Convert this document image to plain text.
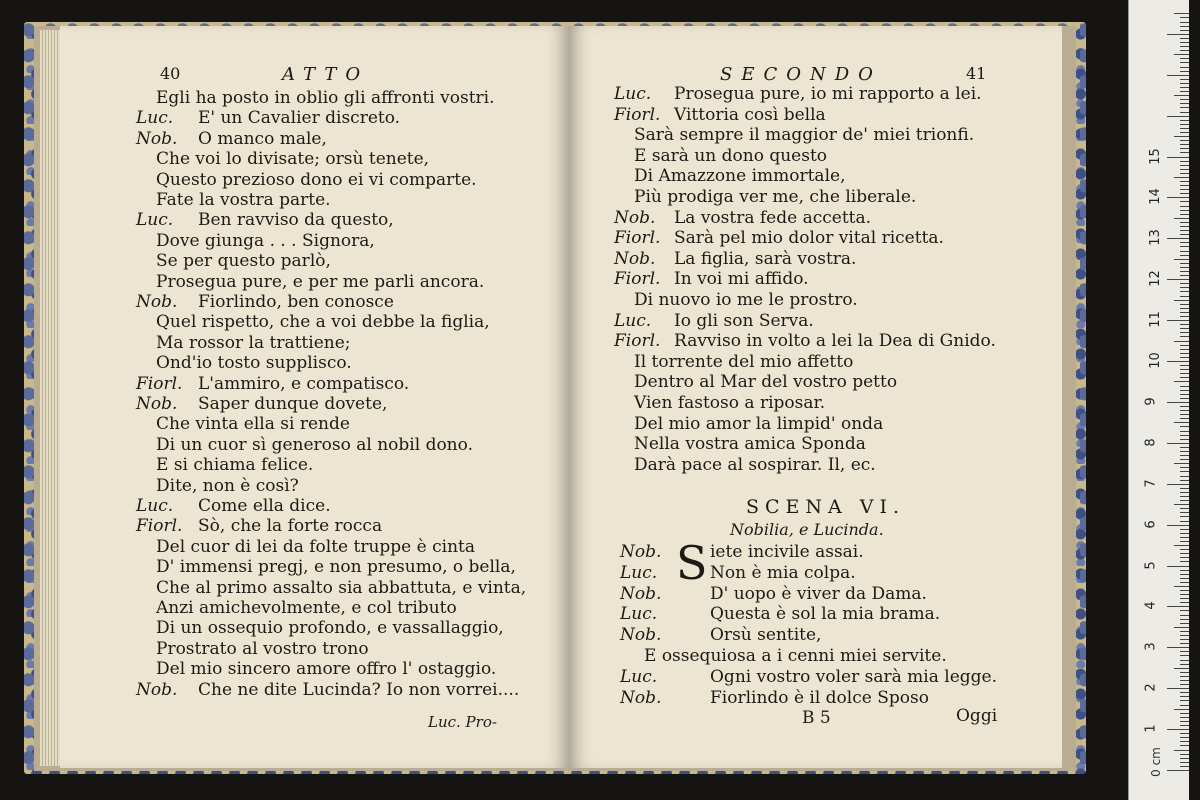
40	ATTO
Egli ha posto in oblio gli affronti vostri.
Luc. E' un Cavalier discreto.
Nob. O manco male,
Che voi lo divisate; orsù tenete,
Questo prezioso dono ei vi comparte.
Fate la vostra parte.
Luc. Ben ravviso da questo,
Dove giunga . . . Signora,
Se per questo parlò,
Prosegua pure, e per me parli ancora.
Nob. Fiorlindo, ben conosce
Quel rispetto, che a voi debbe la figlia,
Ma rossor la trattiene;
Ond'io tosto supplisco.
Fiorl. L'ammiro, e compatisco.
Nob. Saper dunque dovete,
Che vinta ella si rende
Di un cuor sì generoso al nobil dono.
E si chiama felice.
Dite, non è così?
Luc. Come ella dice.
Fiorl. Sò, che la forte rocca
Del cuor di lei da folte truppe è cinta
D' immensi pregj, e non presumo, o bella,
Che al primo assalto sia abbattuta, e vinta,
Anzi amichevolmente, e col tributo
Di un ossequio profondo, e vassallaggio,
Prostrato al vostro trono
Del mio sincero amore offro l' ostaggio.
Nob. Che ne dite Lucinda? Io non vorrei....
Luc. Pro-
SECONDO	41
Luc. Prosegua pure, io mi rapporto a lei.
Fiorl. Vittoria così bella
Sarà sempre il maggior de' miei trionfi.
E sarà un dono questo
Di Amazzone immortale,
Più prodiga ver me, che liberale.
Nob. La vostra fede accetta.
Fiorl. Sarà pel mio dolor vital ricetta.
Nob. La figlia, sarà vostra.
Fiorl. In voi mi affido.
Di nuovo io me le prostro.
Luc. Io gli son Serva.
Fiorl. Ravviso in volto a lei la Dea di Gnido.
Il torrente del mio affetto
Dentro al Mar del vostro petto
Vien fastoso a riposar.
Del mio amor la limpid' onda
Nella vostra amica Sponda
Darà pace al sospirar. Il, ec.
SCENA VI.
Nobilia, e Lucinda.
S
Nob.	iete incivile assai.
Luc.	Non è mia colpa.
Nob.	D' uopo è viver da Dama.
Luc.	Questa è sol la mia brama.
Nob.	Orsù sentite,
E ossequiosa a i cenni miei servite.
Luc.	Ogni vostro voler sarà mia legge.
Nob.	Fiorlindo è il dolce Sposo
B 5	Oggi
0 cm
15
14
13
12
11
10
9
8
7
6
5
4
3
2
1
